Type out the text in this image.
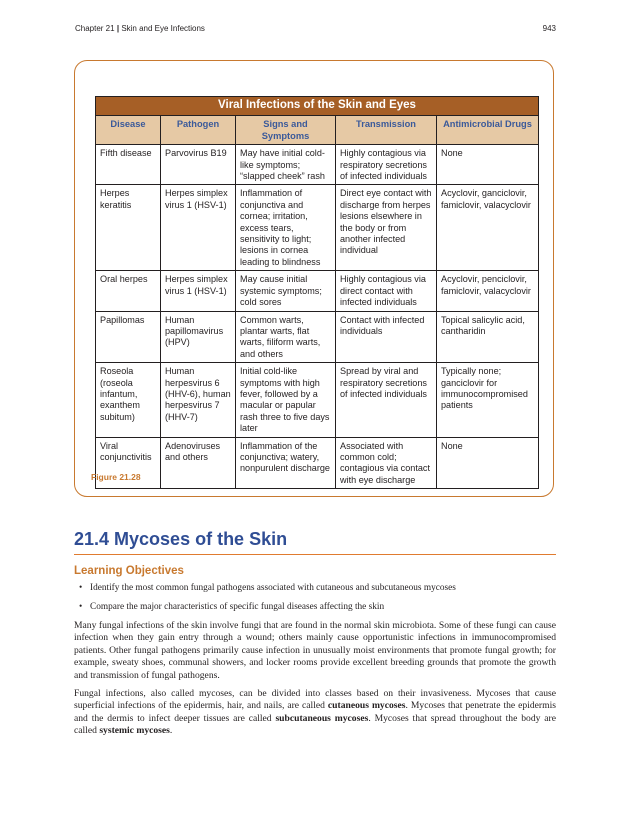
Chapter 21 | Skin and Eye Infections	943
Viral Infections of the Skin and Eyes				
Disease	Pathogen	Signs and Symptoms	Transmission	Antimicrobial Drugs
Fifth disease	Parvovirus B19	May have initial cold-like symptoms; “slapped cheek” rash	Highly contagious via respiratory secretions of infected individuals	None
Herpes keratitis	Herpes simplex virus 1 (HSV-1)	Inflammation of conjunctiva and cornea; irritation, excess tears, sensitivity to light; lesions in cornea leading to blindness	Direct eye contact with discharge from herpes lesions elsewhere in the body or from another infected individual	Acyclovir, ganciclovir, famiclovir, valacyclovir
Oral herpes	Herpes simplex virus 1 (HSV-1)	May cause initial systemic symptoms; cold sores	Highly contagious via direct contact with infected individuals	Acyclovir, penciclovir, famiclovir, valacyclovir
Papillomas	Human papillomavirus (HPV)	Common warts, plantar warts, flat warts, filiform warts, and others	Contact with infected individuals	Topical salicylic acid, cantharidin
Roseola (roseola infantum, exanthem subitum)	Human herpesvirus 6 (HHV-6), human herpesvirus 7 (HHV-7)	Initial cold-like symptoms with high fever, followed by a macular or papular rash three to five days later	Spread by viral and respiratory secretions of infected individuals	Typically none; ganciclovir for immunocompromised patients
Viral conjunctivitis	Adenoviruses and others	Inflammation of the conjunctiva; watery, nonpurulent discharge	Associated with common cold; contagious via contact with eye discharge	None
Figure 21.28
21.4 Mycoses of the Skin
Learning Objectives
• Identify the most common fungal pathogens associated with cutaneous and subcutaneous mycoses
• Compare the major characteristics of specific fungal diseases affecting the skin

Many fungal infections of the skin involve fungi that are found in the normal skin microbiota. Some of these fungi can cause infection when they gain entry through a wound; others mainly cause opportunistic infections in immunocompromised patients. Other fungal pathogens primarily cause infection in unusually moist environments that promote fungal growth; for example, sweaty shoes, communal showers, and locker rooms provide excellent breeding grounds that promote the growth and transmission of fungal pathogens.

Fungal infections, also called mycoses, can be divided into classes based on their invasiveness. Mycoses that cause superficial infections of the epidermis, hair, and nails, are called cutaneous mycoses. Mycoses that penetrate the epidermis and the dermis to infect deeper tissues are called subcutaneous mycoses. Mycoses that spread throughout the body are called systemic mycoses.
